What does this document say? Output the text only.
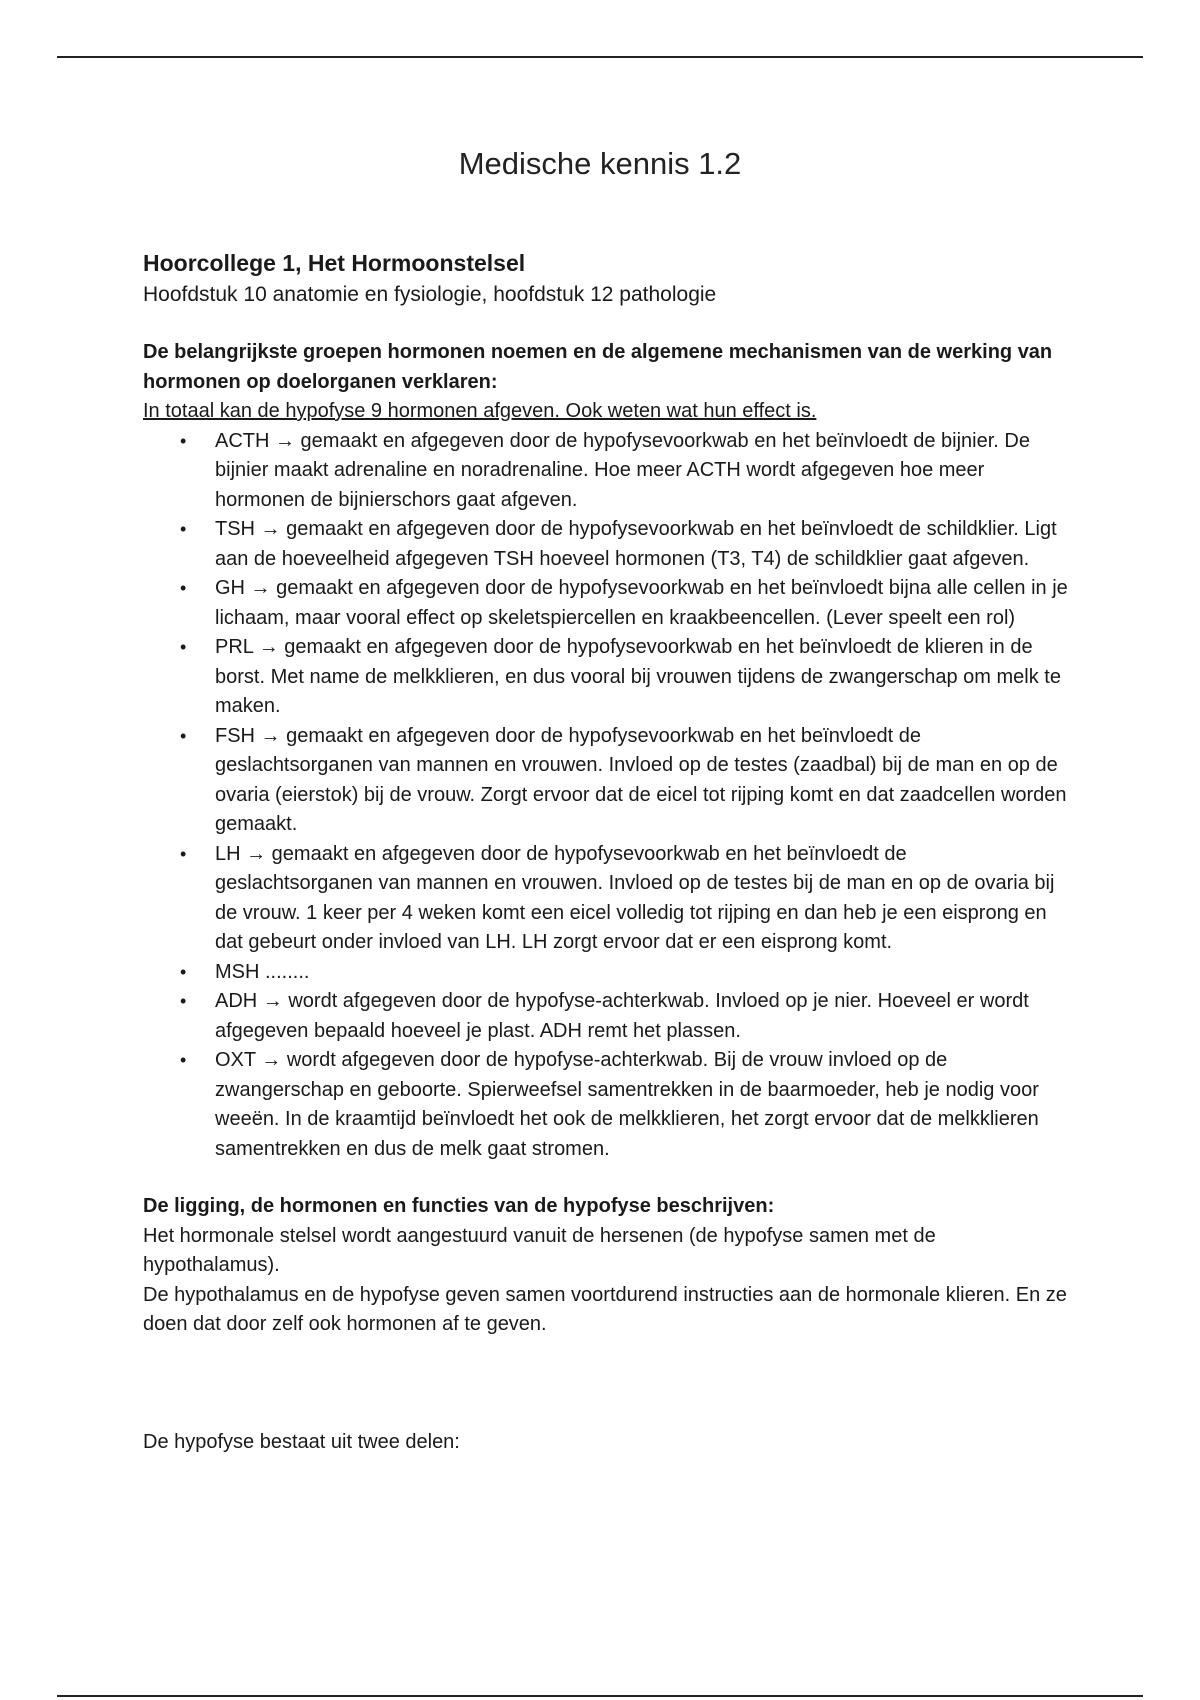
Medische kennis 1.2
Hoorcollege 1, Het Hormoonstelsel
Hoofdstuk 10 anatomie en fysiologie, hoofdstuk 12 pathologie
De belangrijkste groepen hormonen noemen en de algemene mechanismen van de werking van hormonen op doelorganen verklaren:
In totaal kan de hypofyse 9 hormonen afgeven. Ook weten wat hun effect is.
• ACTH → gemaakt en afgegeven door de hypofysevoorkwab en het beïnvloedt de bijnier. De bijnier maakt adrenaline en noradrenaline. Hoe meer ACTH wordt afgegeven hoe meer hormonen de bijnierschors gaat afgeven.
• TSH → gemaakt en afgegeven door de hypofysevoorkwab en het beïnvloedt de schildklier. Ligt aan de hoeveelheid afgegeven TSH hoeveel hormonen (T3, T4) de schildklier gaat afgeven.
• GH → gemaakt en afgegeven door de hypofysevoorkwab en het beïnvloedt bijna alle cellen in je lichaam, maar vooral effect op skeletspiercellen en kraakbeencellen. (Lever speelt een rol)
• PRL → gemaakt en afgegeven door de hypofysevoorkwab en het beïnvloedt de klieren in de borst. Met name de melkklieren, en dus vooral bij vrouwen tijdens de zwangerschap om melk te maken.
• FSH → gemaakt en afgegeven door de hypofysevoorkwab en het beïnvloedt de geslachtsorganen van mannen en vrouwen. Invloed op de testes (zaadbal) bij de man en op de ovaria (eierstok) bij de vrouw. Zorgt ervoor dat de eicel tot rijping komt en dat zaadcellen worden gemaakt.
• LH → gemaakt en afgegeven door de hypofysevoorkwab en het beïnvloedt de geslachtsorganen van mannen en vrouwen. Invloed op de testes bij de man en op de ovaria bij de vrouw. 1 keer per 4 weken komt een eicel volledig tot rijping en dan heb je een eisprong en dat gebeurt onder invloed van LH. LH zorgt ervoor dat er een eisprong komt.
• MSH ........
• ADH → wordt afgegeven door de hypofyse-achterkwab. Invloed op je nier. Hoeveel er wordt afgegeven bepaald hoeveel je plast. ADH remt het plassen.
• OXT → wordt afgegeven door de hypofyse-achterkwab. Bij de vrouw invloed op de zwangerschap en geboorte. Spierweefsel samentrekken in de baarmoeder, heb je nodig voor weeën. In de kraamtijd beïnvloedt het ook de melkklieren, het zorgt ervoor dat de melkklieren samentrekken en dus de melk gaat stromen.
De ligging, de hormonen en functies van de hypofyse beschrijven:
Het hormonale stelsel wordt aangestuurd vanuit de hersenen (de hypofyse samen met de hypothalamus).
De hypothalamus en de hypofyse geven samen voortdurend instructies aan de hormonale klieren. En ze doen dat door zelf ook hormonen af te geven.
De hypofyse bestaat uit twee delen:
